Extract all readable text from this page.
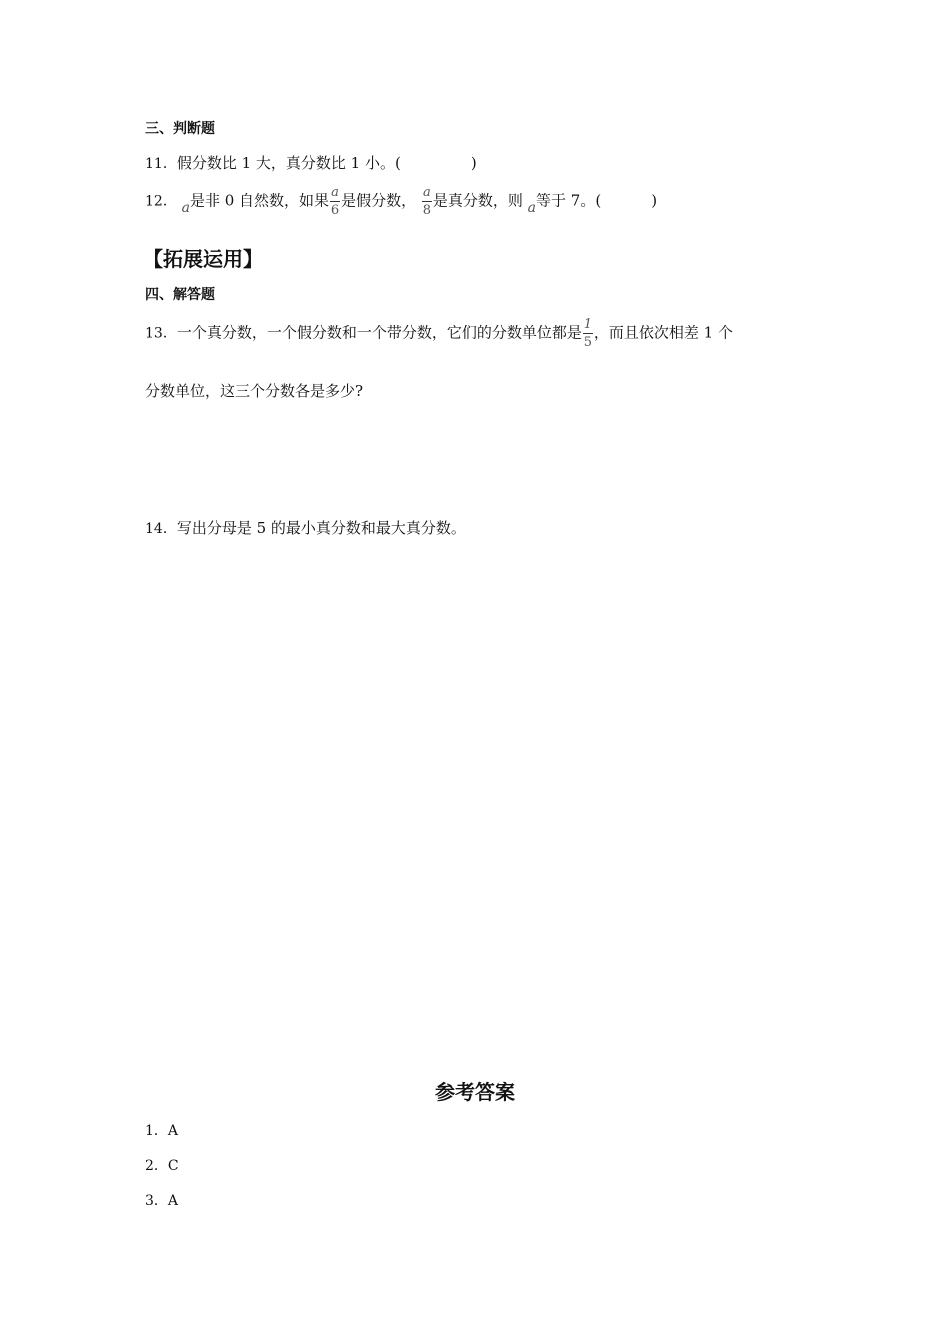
三、判断题
11．假分数比 1 大，真分数比 1 小。(	)
12． a是非 0 自然数，如果 $\frac{a}{6}$ 是假分数， $\frac{a}{8}$ 是真分数，则 a等于 7。(	)
【拓展运用】
四、解答题
13．一个真分数，一个假分数和一个带分数，它们的分数单位都是 $\frac{1}{5}$ ，而且依次相差 1 个
分数单位，这三个分数各是多少?
14．写出分母是 5 的最小真分数和最大真分数。
参考答案
1．A
2．C
3．A
